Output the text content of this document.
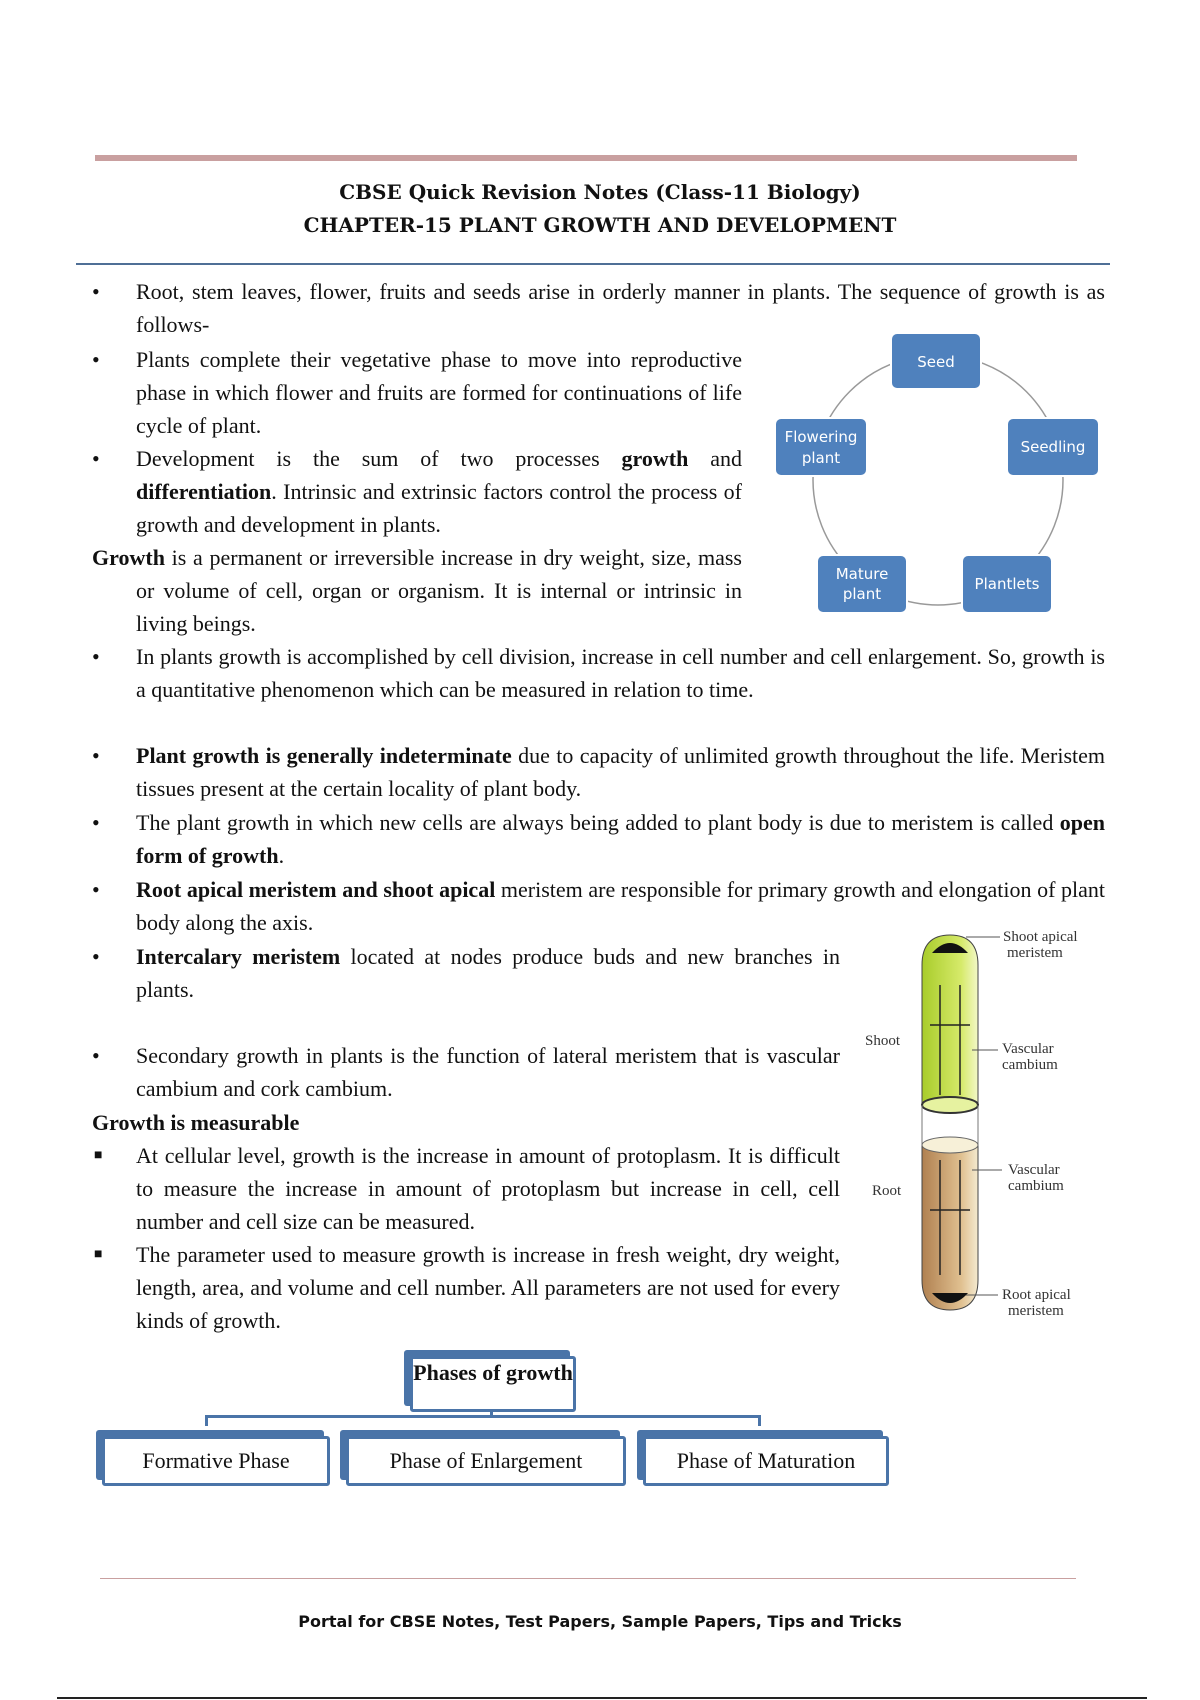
CBSE Quick Revision Notes (Class-11 Biology)
CHAPTER-15 PLANT GROWTH AND DEVELOPMENT
• Root, stem leaves, flower, fruits and seeds arise in orderly manner in plants. The sequence of growth is as follows-
• Plants complete their vegetative phase to move into reproductive phase in which flower and fruits are formed for continuations of life cycle of plant.
• Development is the sum of two processes growth and differentiation. Intrinsic and extrinsic factors control the process of growth and development in plants.
Growth is a permanent or irreversible increase in dry weight, size, mass or volume of cell, organ or organism. It is internal or intrinsic in living beings.
• In plants growth is accomplished by cell division, increase in cell number and cell enlargement. So, growth is a quantitative phenomenon which can be measured in relation to time.
• Plant growth is generally indeterminate due to capacity of unlimited growth throughout the life. Meristem tissues present at the certain locality of plant body.
• The plant growth in which new cells are always being added to plant body is due to meristem is called open form of growth.
• Root apical meristem and shoot apical meristem are responsible for primary growth and elongation of plant body along the axis.
• Intercalary meristem located at nodes produce buds and new branches in plants.
• Secondary growth in plants is the function of lateral meristem that is vascular cambium and cork cambium.
Growth is measurable
■ At cellular level, growth is the increase in amount of protoplasm. It is difficult to measure the increase in amount of protoplasm but increase in cell, cell number and cell size can be measured.
■ The parameter used to measure growth is increase in fresh weight, dry weight, length, area, and volume and cell number. All parameters are not used for every kinds of growth.
Seed
Seedling
Plantlets
Mature
plant
Flowering
plant
Shoot
Root
Shoot apical
meristem
Vascular
cambium
Vascular
cambium
Root apical
meristem
Phases of growth
Formative Phase	Phase of Enlargement	Phase of Maturation
Portal for CBSE Notes, Test Papers, Sample Papers, Tips and Tricks
